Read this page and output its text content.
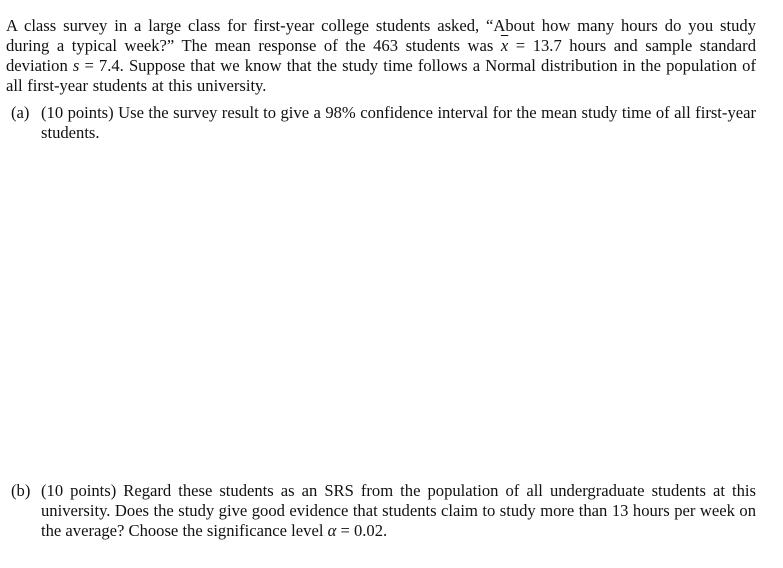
A class survey in a large class for first-year college students asked, “About how many hours do you study during a typical week?” The mean response of the 463 students was $\overline{x} = 13.7$ hours and sample standard deviation s = 7.4. Suppose that we know that the study time follows a Normal distribution in the population of all first-year students at this university.

(a) (10 points) Use the survey result to give a 98% confidence interval for the mean study time of all first-year students.
(b) (10 points) Regard these students as an SRS from the population of all undergraduate students at this university. Does the study give good evidence that students claim to study more than 13 hours per week on the average? Choose the significance level α = 0.02.
